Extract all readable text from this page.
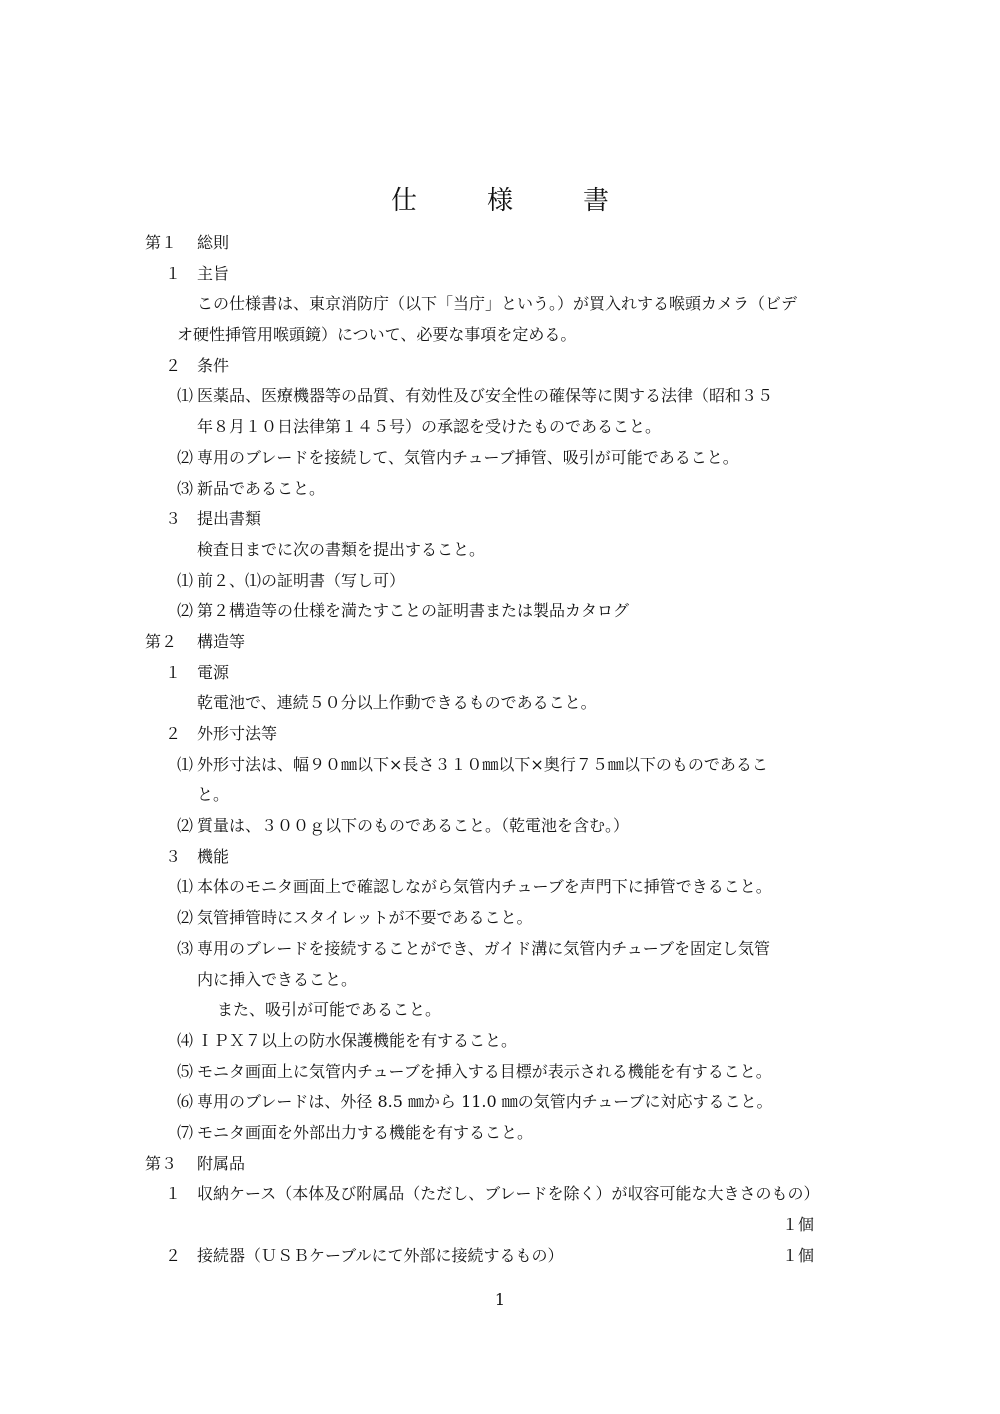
仕　様　書
第１ 総則
１ 主旨
この仕様書は、東京消防庁（以下「当庁」という。）が買入れする喉頭カメラ（ビデ
オ硬性挿管用喉頭鏡）について、必要な事項を定める。
２ 条件
⑴ 医薬品、医療機器等の品質、有効性及び安全性の確保等に関する法律（昭和３５
年８月１０日法律第１４５号）の承認を受けたものであること。
⑵ 専用のブレードを接続して、気管内チューブ挿管、吸引が可能であること。
⑶ 新品であること。
３ 提出書類
検査日までに次の書類を提出すること。
⑴ 前２、⑴の証明書（写し可）
⑵ 第２構造等の仕様を満たすことの証明書または製品カタログ
第２ 構造等
１ 電源
乾電池で、連続５０分以上作動できるものであること。
２ 外形寸法等
⑴ 外形寸法は、幅９０㎜以下×長さ３１０㎜以下×奥行７５㎜以下のものであるこ
と。
⑵ 質量は、３００ｇ以下のものであること。（乾電池を含む。）
３ 機能
⑴ 本体のモニタ画面上で確認しながら気管内チューブを声門下に挿管できること。
⑵ 気管挿管時にスタイレットが不要であること。
⑶ 専用のブレードを接続することができ、ガイド溝に気管内チューブを固定し気管
内に挿入できること。
また、吸引が可能であること。
⑷ ＩＰＸ７以上の防水保護機能を有すること。
⑸ モニタ画面上に気管内チューブを挿入する目標が表示される機能を有すること。
⑹ 専用のブレードは、外径 8.5 ㎜から 11.0 ㎜の気管内チューブに対応すること。
⑺ モニタ画面を外部出力する機能を有すること。
第３ 附属品
１ 収納ケース（本体及び附属品（ただし、ブレードを除く）が収容可能な大きさのもの）
１個
２ 接続器（ＵＳＢケーブルにて外部に接続するもの）	１個
1
